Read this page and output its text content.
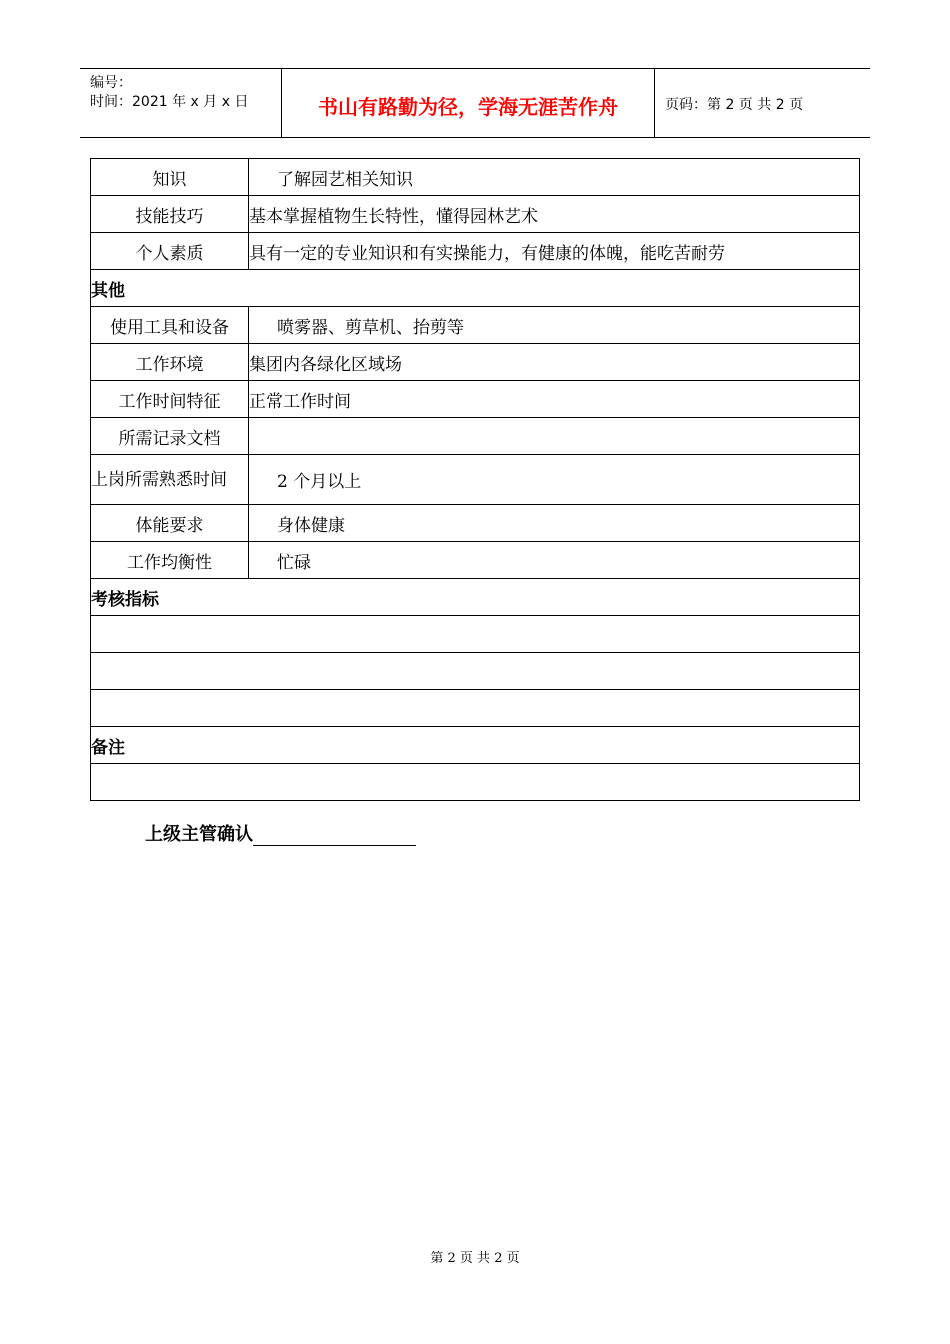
编号：
时间：2021 年 x 月 x 日	书山有路勤为径，学海无涯苦作舟	页码：第 2 页 共 2 页
知识	了解园艺相关知识
技能技巧	基本掌握植物生长特性，懂得园林艺术
个人素质	具有一定的专业知识和有实操能力，有健康的体魄，能吃苦耐劳
其他	
使用工具和设备	喷雾器、剪草机、抬剪等
工作环境	集团内各绿化区域场
工作时间特征	正常工作时间
所需记录文档	
上岗所需熟悉时间	2 个月以上
体能要求	身体健康
工作均衡性	忙碌
考核指标	

备注	

上级主管确认
第 2 页 共 2 页
